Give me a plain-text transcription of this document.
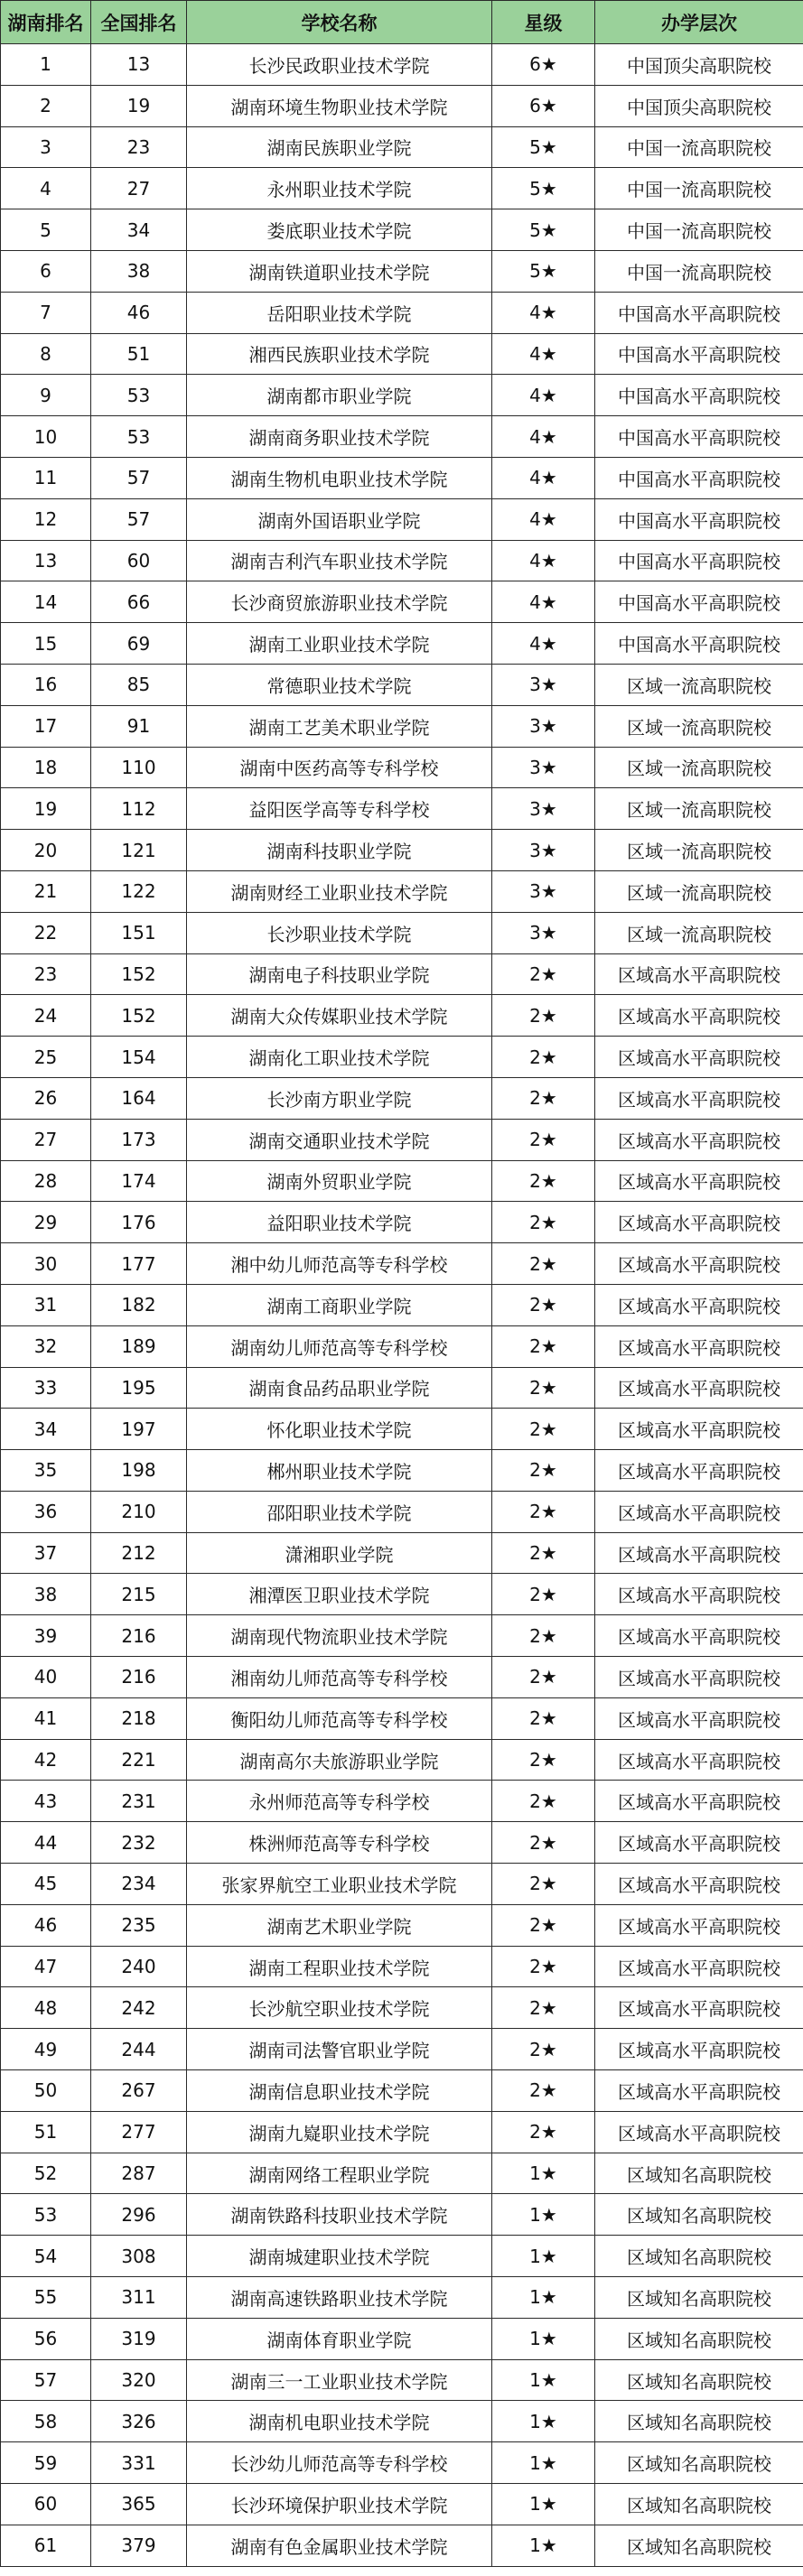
湖南排名	全国排名	学校名称	星级	办学层次
1	13	长沙民政职业技术学院	6★	中国顶尖高职院校
2	19	湖南环境生物职业技术学院	6★	中国顶尖高职院校
3	23	湖南民族职业学院	5★	中国一流高职院校
4	27	永州职业技术学院	5★	中国一流高职院校
5	34	娄底职业技术学院	5★	中国一流高职院校
6	38	湖南铁道职业技术学院	5★	中国一流高职院校
7	46	岳阳职业技术学院	4★	中国高水平高职院校
8	51	湘西民族职业技术学院	4★	中国高水平高职院校
9	53	湖南都市职业学院	4★	中国高水平高职院校
10	53	湖南商务职业技术学院	4★	中国高水平高职院校
11	57	湖南生物机电职业技术学院	4★	中国高水平高职院校
12	57	湖南外国语职业学院	4★	中国高水平高职院校
13	60	湖南吉利汽车职业技术学院	4★	中国高水平高职院校
14	66	长沙商贸旅游职业技术学院	4★	中国高水平高职院校
15	69	湖南工业职业技术学院	4★	中国高水平高职院校
16	85	常德职业技术学院	3★	区域一流高职院校
17	91	湖南工艺美术职业学院	3★	区域一流高职院校
18	110	湖南中医药高等专科学校	3★	区域一流高职院校
19	112	益阳医学高等专科学校	3★	区域一流高职院校
20	121	湖南科技职业学院	3★	区域一流高职院校
21	122	湖南财经工业职业技术学院	3★	区域一流高职院校
22	151	长沙职业技术学院	3★	区域一流高职院校
23	152	湖南电子科技职业学院	2★	区域高水平高职院校
24	152	湖南大众传媒职业技术学院	2★	区域高水平高职院校
25	154	湖南化工职业技术学院	2★	区域高水平高职院校
26	164	长沙南方职业学院	2★	区域高水平高职院校
27	173	湖南交通职业技术学院	2★	区域高水平高职院校
28	174	湖南外贸职业学院	2★	区域高水平高职院校
29	176	益阳职业技术学院	2★	区域高水平高职院校
30	177	湘中幼儿师范高等专科学校	2★	区域高水平高职院校
31	182	湖南工商职业学院	2★	区域高水平高职院校
32	189	湖南幼儿师范高等专科学校	2★	区域高水平高职院校
33	195	湖南食品药品职业学院	2★	区域高水平高职院校
34	197	怀化职业技术学院	2★	区域高水平高职院校
35	198	郴州职业技术学院	2★	区域高水平高职院校
36	210	邵阳职业技术学院	2★	区域高水平高职院校
37	212	潇湘职业学院	2★	区域高水平高职院校
38	215	湘潭医卫职业技术学院	2★	区域高水平高职院校
39	216	湖南现代物流职业技术学院	2★	区域高水平高职院校
40	216	湘南幼儿师范高等专科学校	2★	区域高水平高职院校
41	218	衡阳幼儿师范高等专科学校	2★	区域高水平高职院校
42	221	湖南高尔夫旅游职业学院	2★	区域高水平高职院校
43	231	永州师范高等专科学校	2★	区域高水平高职院校
44	232	株洲师范高等专科学校	2★	区域高水平高职院校
45	234	张家界航空工业职业技术学院	2★	区域高水平高职院校
46	235	湖南艺术职业学院	2★	区域高水平高职院校
47	240	湖南工程职业技术学院	2★	区域高水平高职院校
48	242	长沙航空职业技术学院	2★	区域高水平高职院校
49	244	湖南司法警官职业学院	2★	区域高水平高职院校
50	267	湖南信息职业技术学院	2★	区域高水平高职院校
51	277	湖南九嶷职业技术学院	2★	区域高水平高职院校
52	287	湖南网络工程职业学院	1★	区域知名高职院校
53	296	湖南铁路科技职业技术学院	1★	区域知名高职院校
54	308	湖南城建职业技术学院	1★	区域知名高职院校
55	311	湖南高速铁路职业技术学院	1★	区域知名高职院校
56	319	湖南体育职业学院	1★	区域知名高职院校
57	320	湖南三一工业职业技术学院	1★	区域知名高职院校
58	326	湖南机电职业技术学院	1★	区域知名高职院校
59	331	长沙幼儿师范高等专科学校	1★	区域知名高职院校
60	365	长沙环境保护职业技术学院	1★	区域知名高职院校
61	379	湖南有色金属职业技术学院	1★	区域知名高职院校
